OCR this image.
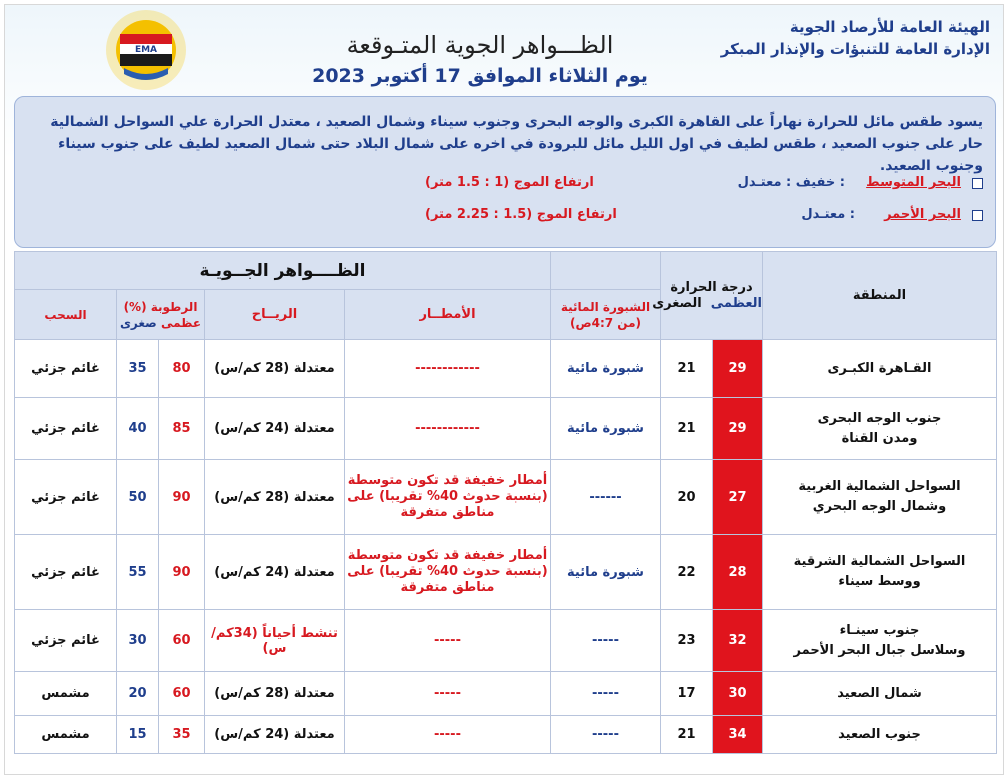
EMA
الهيئة العامة للأرصاد الجوية
الإدارة العامة للتنبؤات والإنذار المبكر
الظـــواهر الجوية المتـوقعة
يوم الثلاثاء الموافق 17 أكتوبر 2023

يسود طقس مائل للحرارة نهاراً على القاهرة الكبرى والوجه البحرى وجنوب سيناء وشمال الصعيد ، معتدل الحرارة علي السواحل الشمالية حار على جنوب الصعيد ، طقس لطيف في اول الليل مائل للبرودة في اخره على شمال البلاد حتى شمال الصعيد لطيف على جنوب سيناء وجنوب الصعيد.

البحر المتوسط
: خفيف : معتـدل
ارتفاع الموج (1 : 1.5 متر)
البحر الأحمر
: معتـدل
ارتفاع الموج (1.5 : 2.25 متر)
المنطقة	درجة الحرارة
العظمى  الصغرى			الظــــواهر الجــويـة				
			الشبورة المائية (من 4:7ص)	الأمطــار	الريــاح	الرطوبة (%)
عظمى صغرى		السحب

القـاهرة الكبـرى	29	21	شبورة مائية	------------	معتدلة (28 كم/س)	80	35	غائم جزئي

جنوب الوجه البحرى
ومدن القناة	29	21	شبورة مائية	------------	معتدلة (24 كم/س)	85	40	غائم جزئي

السواحل الشمالية الغربية
وشمال الوجه البحري	27	20	------	أمطار خفيفة قد تكون متوسطة (بنسبة حدوث 40% تقريبا) على مناطق متفرقة	معتدلة (28 كم/س)	90	50	غائم جزئي

السواحل الشمالية الشرقية
ووسط سيناء	28	22	شبورة مائية	أمطار خفيفة قد تكون متوسطة (بنسبة حدوث 40% تقريبا) على مناطق متفرقة	معتدلة (24 كم/س)	90	55	غائم جزئي

جنوب سينـاء
وسلاسل جبال البحر الأحمر	32	23	-----	-----	تنشط أحياناً (34كم/س)	60	30	غائم جزئي

شمال الصعيد	30	17	-----	-----	معتدلة (28 كم/س)	60	20	مشمس

جنوب الصعيد	34	21	-----	-----	معتدلة (24 كم/س)	35	15	مشمس
